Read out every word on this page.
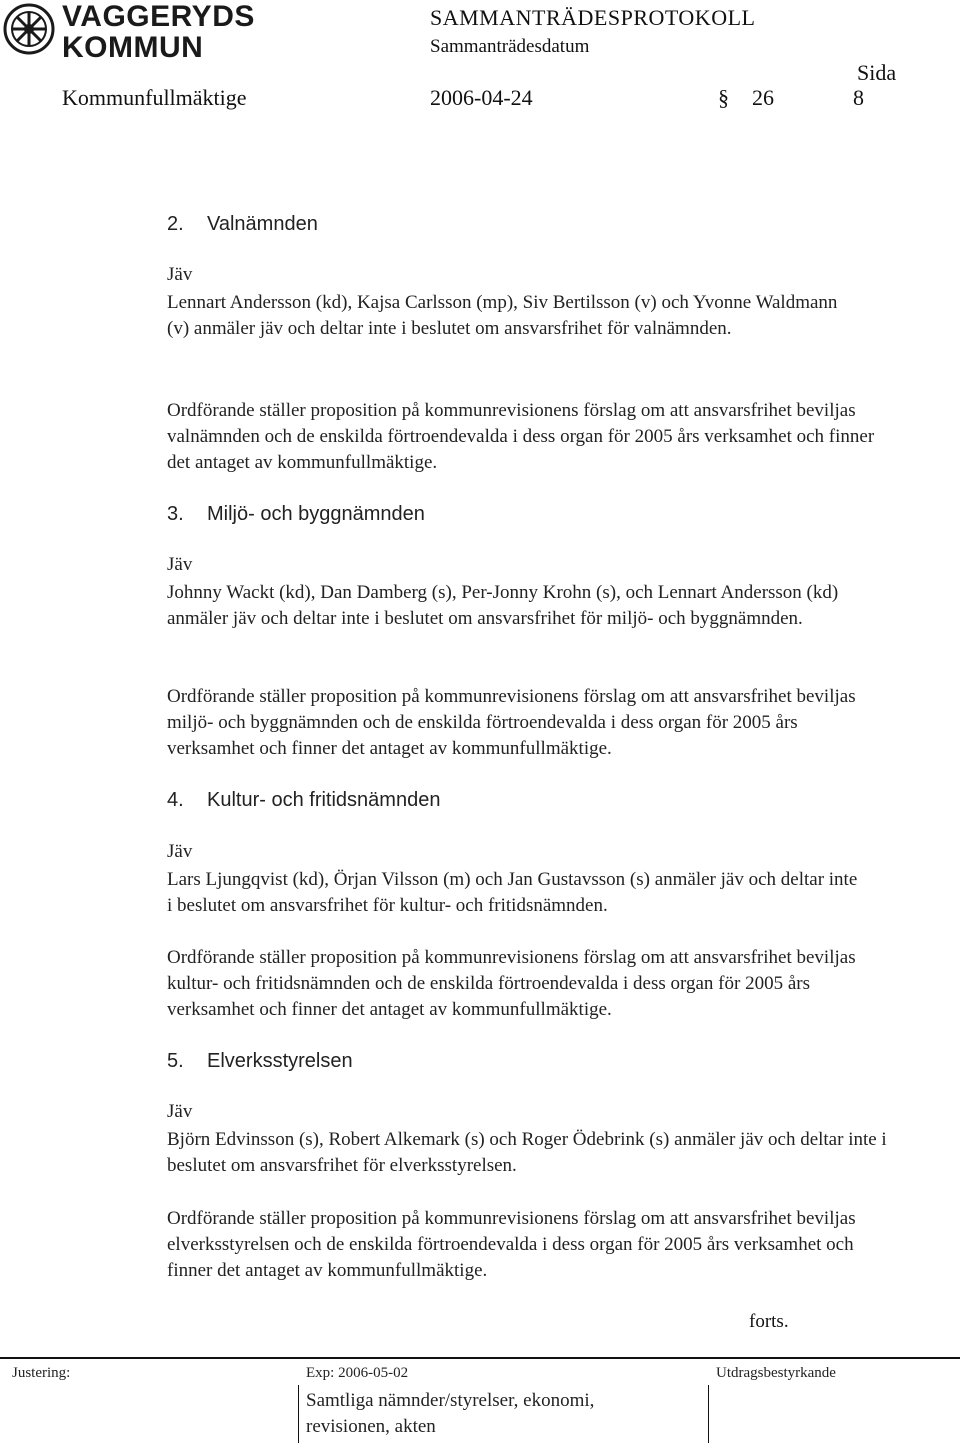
VAGGERYDS
KOMMUN
SAMMANTRÄDESPROTOKOLL
Sammanträdesdatum
Sida
Kommunfullmäktige	2006-04-24	§ 26	8
2. Valnämnden
Jäv

Lennart Andersson (kd), Kajsa Carlsson (mp), Siv Bertilsson (v) och Yvonne Waldmann (v) anmäler jäv och deltar inte i beslutet om ansvarsfrihet för valnämnden.

Ordförande ställer proposition på kommunrevisionens förslag om att ansvarsfrihet beviljas valnämnden och de enskilda förtroendevalda i dess organ för 2005 års verksamhet och finner det antaget av kommunfullmäktige.

3. Miljö- och byggnämnden
Jäv

Johnny Wackt (kd), Dan Damberg (s), Per-Jonny Krohn (s), och Lennart Andersson (kd) anmäler jäv och deltar inte i beslutet om ansvarsfrihet för miljö- och byggnämnden.

Ordförande ställer proposition på kommunrevisionens förslag om att ansvarsfrihet beviljas miljö- och byggnämnden och de enskilda förtroendevalda i dess organ för 2005 års verksamhet och finner det antaget av kommunfullmäktige.

4. Kultur- och fritidsnämnden
Jäv

Lars Ljungqvist (kd), Örjan Vilsson (m) och Jan Gustavsson (s) anmäler jäv och deltar inte i beslutet om ansvarsfrihet för kultur- och fritidsnämnden.

Ordförande ställer proposition på kommunrevisionens förslag om att ansvarsfrihet beviljas kultur- och fritidsnämnden och de enskilda förtroendevalda i dess organ för 2005 års verksamhet och finner det antaget av kommunfullmäktige.

5. Elverksstyrelsen
Jäv

Björn Edvinsson (s), Robert Alkemark (s) och Roger Ödebrink (s) anmäler jäv och deltar inte i beslutet om ansvarsfrihet för elverksstyrelsen.

Ordförande ställer proposition på kommunrevisionens förslag om att ansvarsfrihet beviljas elverksstyrelsen och de enskilda förtroendevalda i dess organ för 2005 års verksamhet och finner det antaget av kommunfullmäktige.

forts.
Justering:	Exp: 2006-05-02	Utdragsbestyrkande
Samtliga nämnder/styrelser, ekonomi,
revisionen, akten
